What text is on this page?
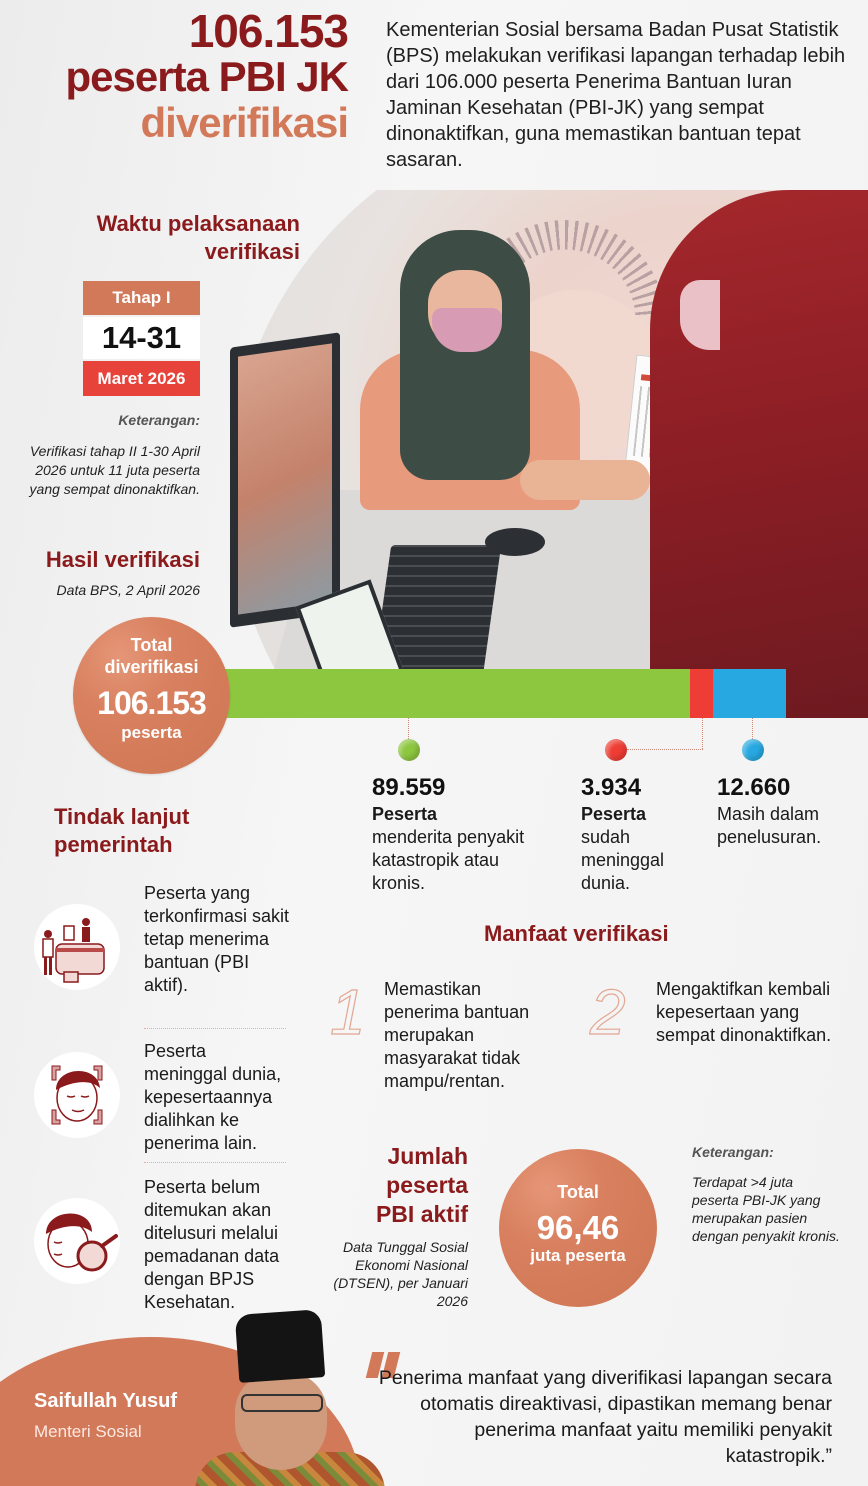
106.153
peserta PBI JK
diverifikasi

Kementerian Sosial bersama Badan Pusat Statistik (BPS) melakukan verifikasi lapangan terhadap lebih dari 106.000 peserta Penerima Bantuan Iuran Jaminan Kesehatan (PBI-JK) yang sempat dinonaktifkan, guna memastikan bantuan tepat sasaran.

Waktu pelaksanaan
verifikasi
Tahap I
14-31
Maret 2026
Keterangan:

Verifikasi tahap II 1-30 April 2026 untuk 11 juta peserta yang sempat dinonaktifkan.

Hasil verifikasi
Data BPS, 2 April 2026
Total
diverifikasi
106.153
peserta
89.559
Peserta
menderita penyakit katastropik atau kronis.
3.934
Peserta
sudah meninggal dunia.
12.660
Masih dalam penelusuran.
Tindak lanjut
pemerintah
Peserta yang terkonfirmasi sakit tetap menerima bantuan (PBI aktif).
Peserta meninggal dunia, kepesertaannya dialihkan ke penerima lain.
Peserta belum ditemukan akan ditelusuri melalui pemadanan data dengan BPJS Kesehatan.
Manfaat verifikasi
1 Memastikan penerima bantuan merupakan masyarakat tidak mampu/rentan.
2 Mengaktifkan kembali kepesertaan yang sempat dinonaktifkan.
Jumlah
peserta
PBI aktif

Data Tunggal Sosial Ekonomi Nasional (DTSEN), per Januari 2026

Total
96,46
juta peserta
Keterangan:

Terdapat >4 juta peserta PBI-JK yang merupakan pasien dengan penyakit kronis.

Saifullah Yusuf
Menteri Sosial

Penerima manfaat yang diverifikasi lapangan secara otomatis direaktivasi, dipastikan memang benar penerima manfaat yaitu memiliki penyakit katastropik.”
